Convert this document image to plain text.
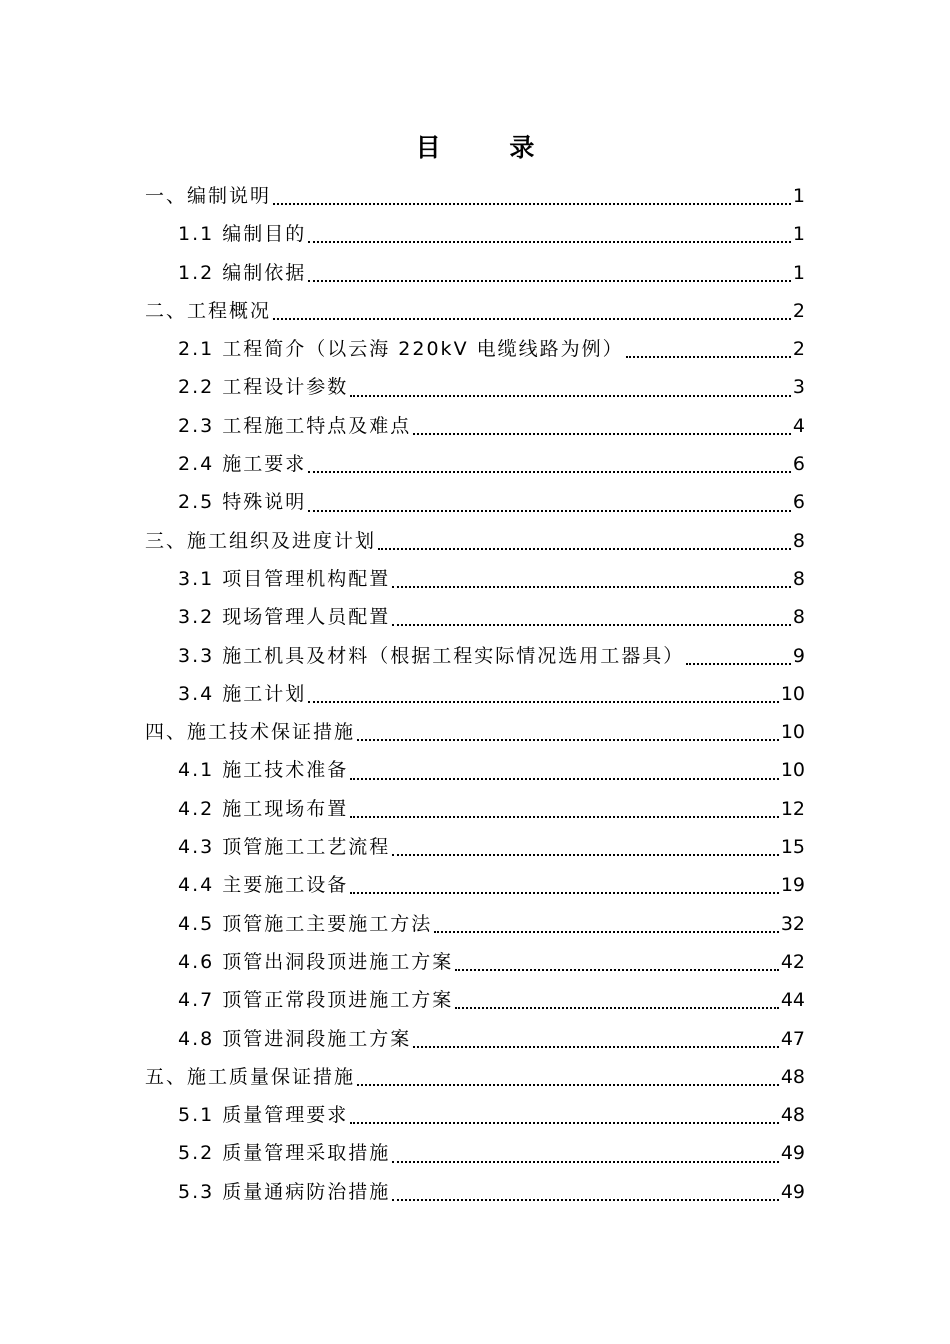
目 录
一、编制说明	1
1.1 编制目的	1
1.2 编制依据	1
二、工程概况	2
2.1 工程简介（以云海 220kV 电缆线路为例）	2
2.2 工程设计参数	3
2.3 工程施工特点及难点	4
2.4 施工要求	6
2.5 特殊说明	6
三、施工组织及进度计划	8
3.1 项目管理机构配置	8
3.2 现场管理人员配置	8
3.3 施工机具及材料（根据工程实际情况选用工器具）	9
3.4 施工计划	10
四、施工技术保证措施	10
4.1 施工技术准备	10
4.2 施工现场布置	12
4.3 顶管施工工艺流程	15
4.4 主要施工设备	19
4.5 顶管施工主要施工方法	32
4.6 顶管出洞段顶进施工方案	42
4.7 顶管正常段顶进施工方案	44
4.8 顶管进洞段施工方案	47
五、施工质量保证措施	48
5.1 质量管理要求	48
5.2 质量管理采取措施	49
5.3 质量通病防治措施	49
